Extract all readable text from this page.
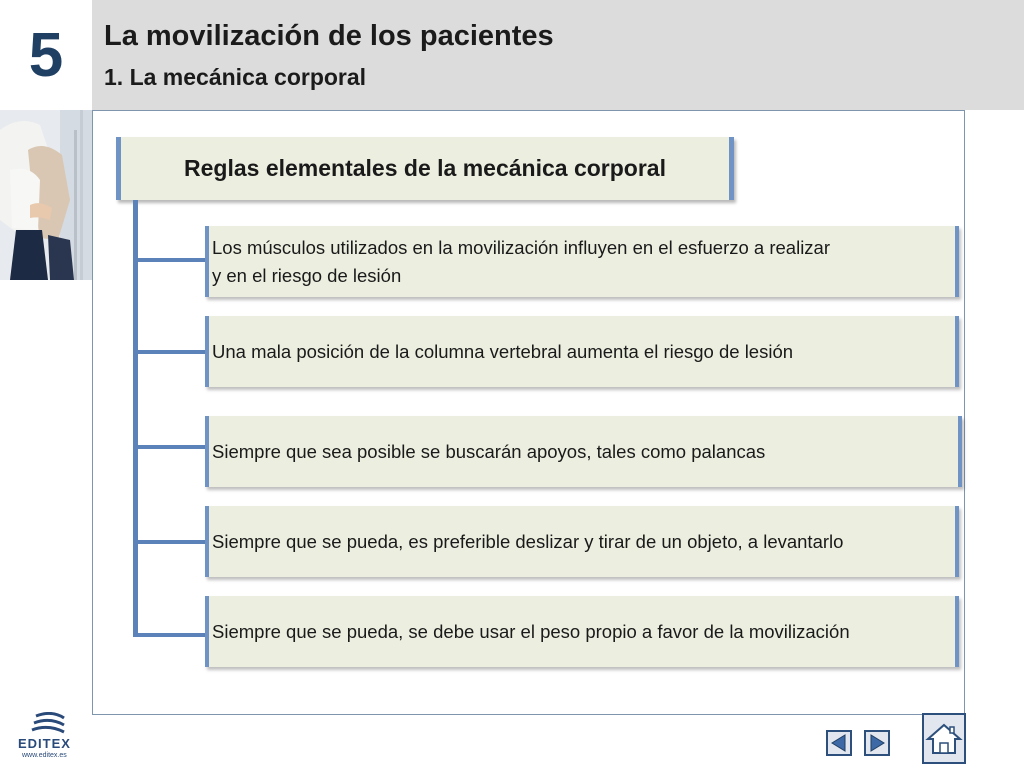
5	La movilización de los pacientes
1. La mecánica corporal
Reglas elementales de la mecánica corporal
Los músculos utilizados en la movilización influyen en el esfuerzo a realizar
y en el riesgo de lesión
Una mala posición de la columna vertebral aumenta el riesgo de lesión
Siempre que sea posible se buscarán apoyos, tales como palancas
Siempre que se pueda, es preferible deslizar y tirar de un objeto, a levantarlo
Siempre que se pueda, se debe usar el peso propio a favor de la movilización
EDITEX
www.editex.es
